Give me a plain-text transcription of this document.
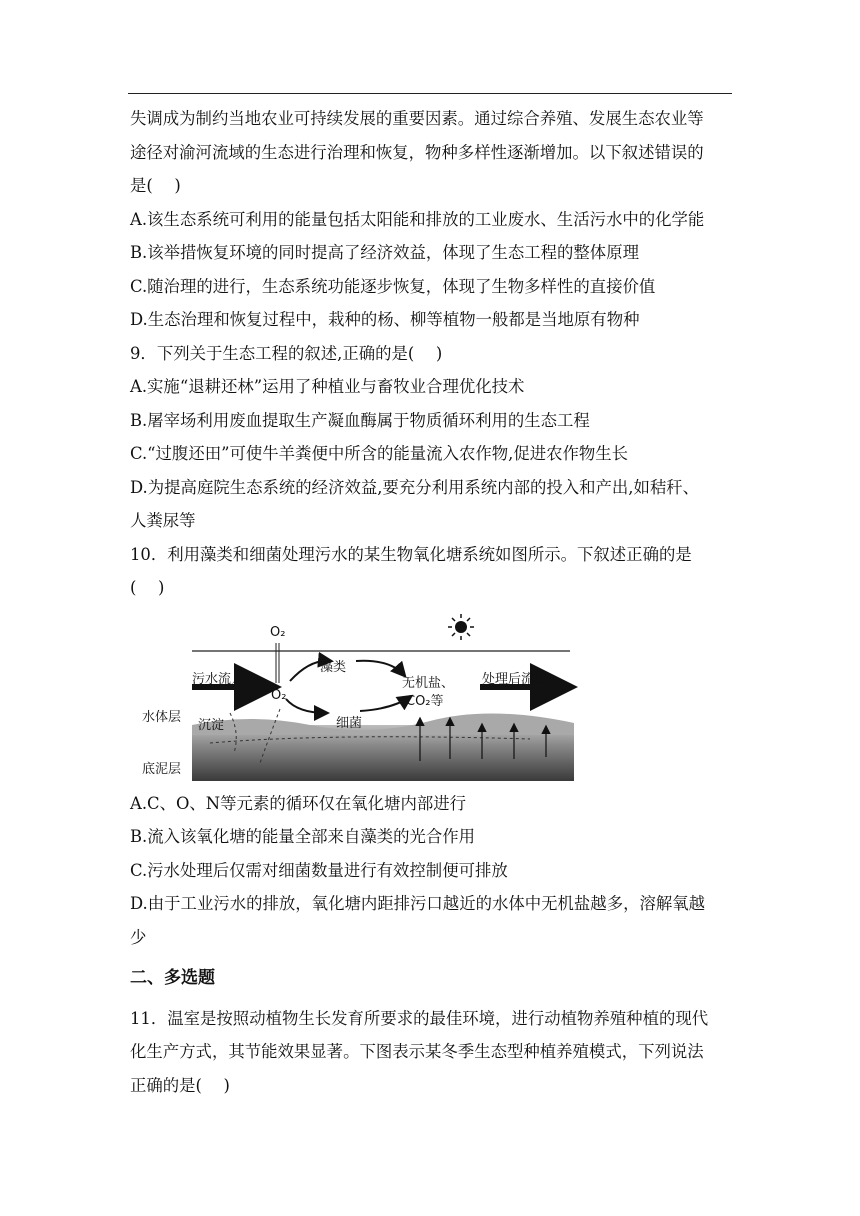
失调成为制约当地农业可持续发展的重要因素。通过综合养殖、发展生态农业等
途径对渝河流域的生态进行治理和恢复，物种多样性逐渐增加。以下叙述错误的
是(　 )
A.该生态系统可利用的能量包括太阳能和排放的工业废水、生活污水中的化学能
B.该举措恢复环境的同时提高了经济效益，体现了生态工程的整体原理
C.随治理的进行，生态系统功能逐步恢复，体现了生物多样性的直接价值
D.生态治理和恢复过程中，栽种的杨、柳等植物一般都是当地原有物种
9．下列关于生态工程的叙述,正确的是(　 )
A.实施“退耕还林”运用了种植业与畜牧业合理优化技术
B.屠宰场利用废血提取生产凝血酶属于物质循环利用的生态工程
C.“过腹还田”可使牛羊粪便中所含的能量流入农作物,促进农作物生长
D.为提高庭院生态系统的经济效益,要充分利用系统内部的投入和产出,如秸秆、
人粪尿等
10．利用藻类和细菌处理污水的某生物氧化塘系统如图所示。下叙述正确的是
(　 )
O₂
污水流入
藻类
无机盐、
CO₂等
处理后流出
O₂
水体层
沉淀	细菌
底泥层
A.C、O、N等元素的循环仅在氧化塘内部进行
B.流入该氧化塘的能量全部来自藻类的光合作用
C.污水处理后仅需对细菌数量进行有效控制便可排放
D.由于工业污水的排放，氧化塘内距排污口越近的水体中无机盐越多，溶解氧越
少
二、多选题
11．温室是按照动植物生长发育所要求的最佳环境，进行动植物养殖种植的现代
化生产方式，其节能效果显著。下图表示某冬季生态型种植养殖模式，下列说法
正确的是(　 )
